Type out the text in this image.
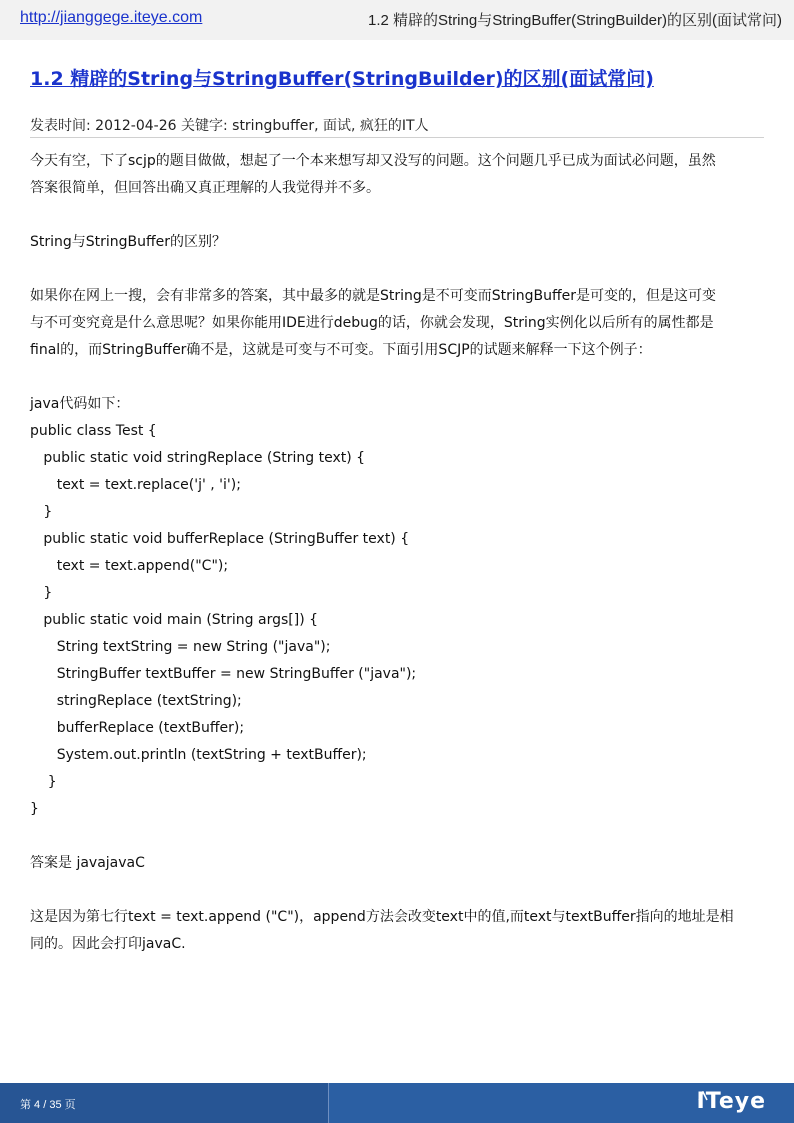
http://jianggege.iteye.com	1.2 精辟的String与StringBuffer(StringBuilder)的区别(面试常问)
1.2 精辟的String与StringBuffer(StringBuilder)的区别(面试常问)
发表时间: 2012-04-26 关键字: stringbuffer, 面试, 疯狂的IT人

今天有空，下了scjp的题目做做，想起了一个本来想写却又没写的问题。这个问题几乎已成为面试必问题，虽然

答案很简单，但回答出确又真正理解的人我觉得并不多。

String与StringBuffer的区别？

如果你在网上一搜，会有非常多的答案，其中最多的就是String是不可变而StringBuffer是可变的，但是这可变

与不可变究竟是什么意思呢？如果你能用IDE进行debug的话，你就会发现，String实例化以后所有的属性都是

final的，而StringBuffer确不是，这就是可变与不可变。下面引用SCJP的试题来解释一下这个例子：

java代码如下：

public class Test {
public static void stringReplace (String text) {
text = text.replace('j' , 'i');
}
public static void bufferReplace (StringBuffer text) {
text = text.append("C");
}
public static void main (String args[]) {
String textString = new String ("java");
StringBuffer textBuffer = new StringBuffer ("java");
stringReplace (textString);
bufferReplace (textBuffer);
System.out.println (textString + textBuffer);
}
}

答案是 javajavaC

这是因为第七行text = text.append ("C")，append方法会改变text中的值,而text与textBuffer指向的地址是相

同的。因此会打印javaC.

第 4 / 35 页	ITeye
